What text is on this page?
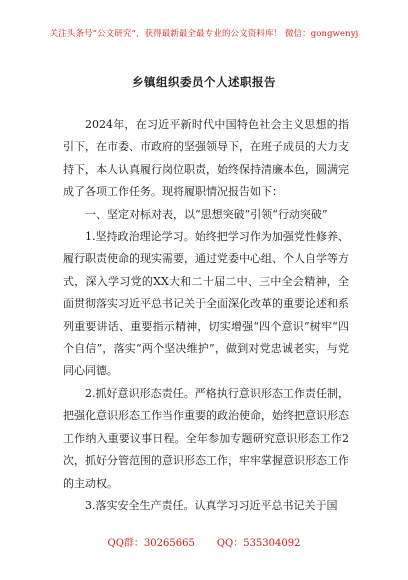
关注头条号“公文研究”，获得最新最全最专业的公文资料库！ 微信：gongwenyj
乡镇组织委员个人述职报告

2024年，在习近平新时代中国特色社会主义思想的指引下，在市委、市政府的坚强领导下，在班子成员的大力支持下，本人认真履行岗位职责，始终保持清廉本色，圆满完成了各项工作任务。现将履职情况报告如下：

一、坚定对标对表，以“思想突破”引领“行动突破”

1.坚持政治理论学习。始终把学习作为加强党性修养、履行职责使命的现实需要，通过党委中心组、个人自学等方式，深入学习党的XX大和二十届二中、三中全会精神，全面贯彻落实习近平总书记关于全面深化改革的重要论述和系列重要讲话、重要指示精神，切实增强“四个意识”树牢“四个自信”，落实“两个坚决维护”，做到对党忠诚老实，与党同心同德。

2.抓好意识形态责任。严格执行意识形态工作责任制，把强化意识形态工作当作重要的政治使命，始终把意识形态工作纳入重要议事日程。全年参加专题研究意识形态工作2次，抓好分管范围的意识形态工作，牢牢掌握意识形态工作的主动权。

3.落实安全生产责任。认真学习习近平总书记关于国

QQ群：30265665 QQ：535304092
